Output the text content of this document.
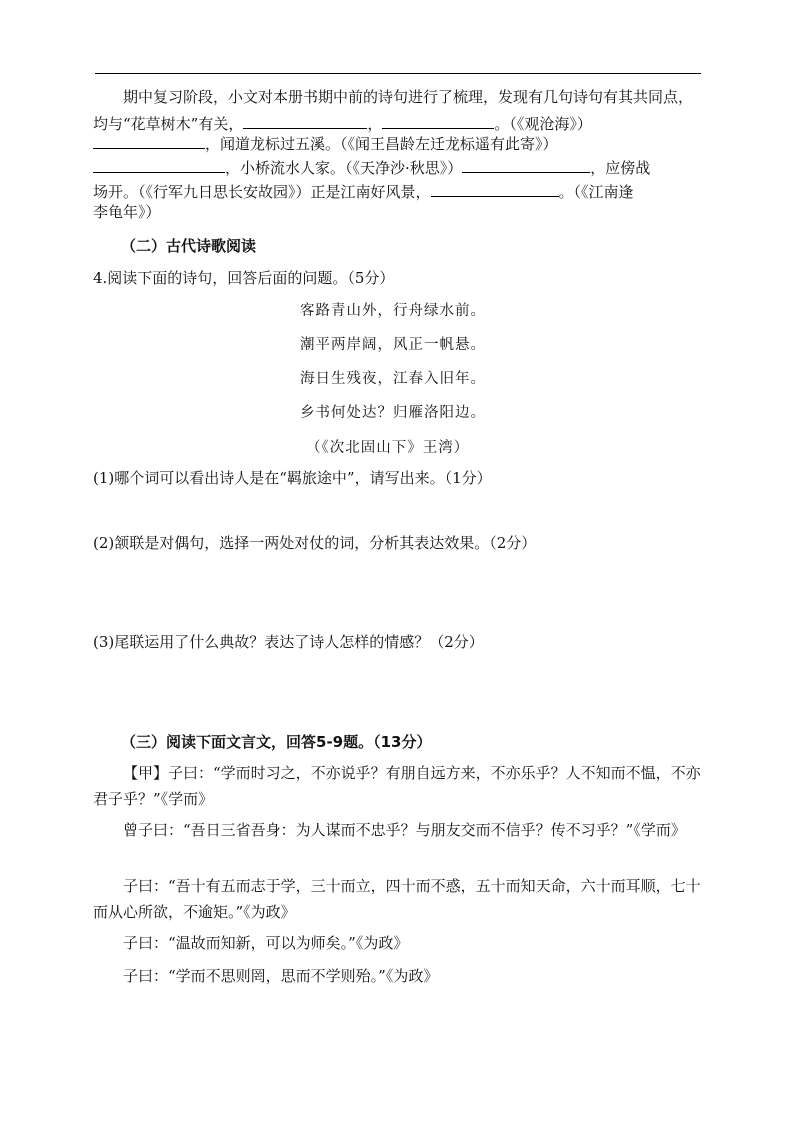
期中复习阶段，小文对本册书期中前的诗句进行了梳理，发现有几句诗句有其共同点，均与“花草树木”有关，	，	。（《观沧海》）
，闻道龙标过五溪。（《闻王昌龄左迁龙标遥有此寄》）
，小桥流水人家。（《天净沙·秋思》）	，应傍战
场开。（《行军九日思长安故园》）正是江南好风景，	。（《江南逢
李龟年》）
（二）古代诗歌阅读
4.阅读下面的诗句，回答后面的问题。（5分）
客路青山外，行舟绿水前。
潮平两岸阔，风正一帆悬。
海日生残夜，江春入旧年。
乡书何处达？归雁洛阳边。
（《次北固山下》王湾）
(1)哪个词可以看出诗人是在“羁旅途中”，请写出来。（1分）
(2)颔联是对偶句，选择一两处对仗的词，分析其表达效果。（2分）
(3)尾联运用了什么典故？表达了诗人怎样的情感？（2分）
（三）阅读下面文言文，回答5-9题。（13分）
【甲】子曰：“学而时习之，不亦说乎？有朋自远方来，不亦乐乎？人不知而不愠，不亦君子乎？”《学而》
曾子曰：“吾日三省吾身：为人谋而不忠乎？与朋友交而不信乎？传不习乎？”《学而》
子曰：“吾十有五而志于学，三十而立，四十而不惑，五十而知天命，六十而耳顺，七十而从心所欲，不逾矩。”《为政》
子曰：“温故而知新，可以为师矣。”《为政》
子曰：“学而不思则罔，思而不学则殆。”《为政》
